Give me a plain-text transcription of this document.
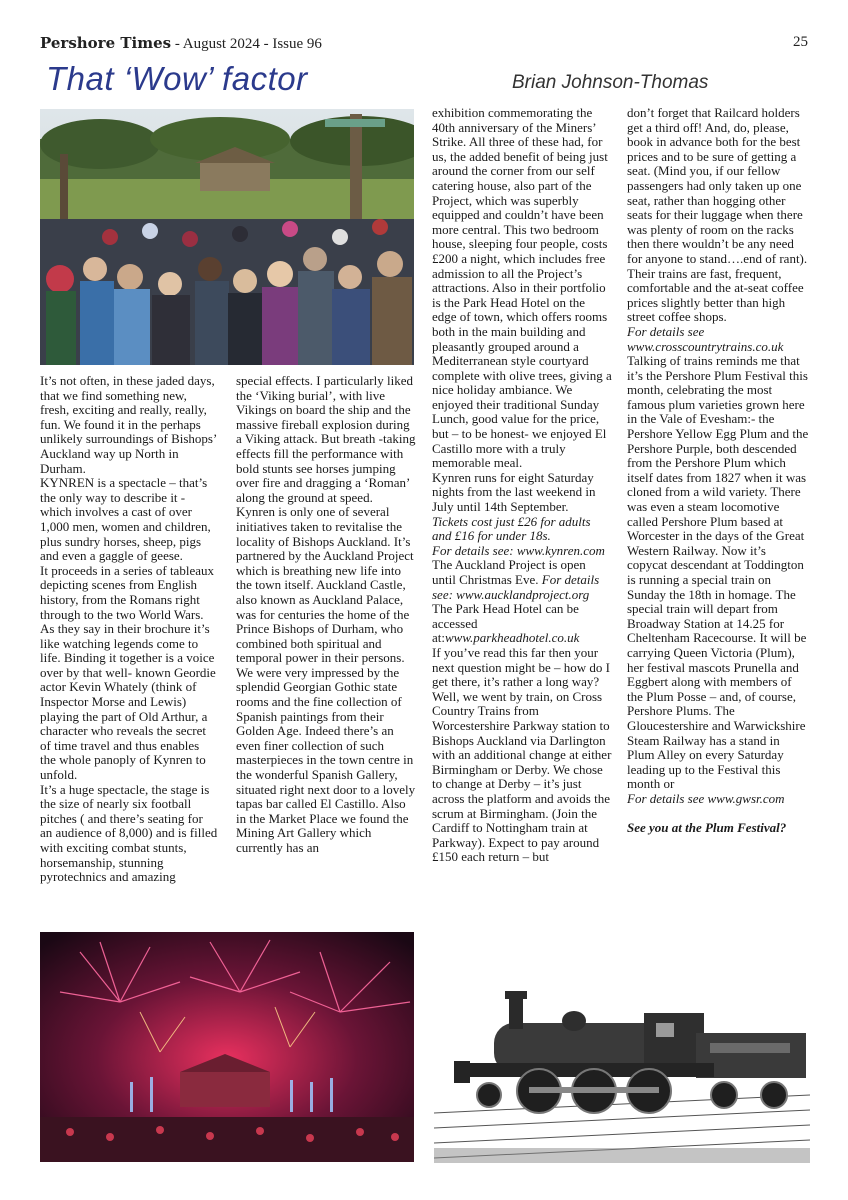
Pershore Times - August 2024 - Issue 96	25
That ‘Wow’ factor	Brian Johnson-Thomas

It’s not often, in these jaded days, that we find something new, fresh, exciting and really, really, fun. We found it in the perhaps unlikely surroundings of Bishops’ Auckland way up North in Durham.

KYNREN is a spectacle – that’s the only way to describe it - which involves a cast of over 1,000 men, women and children, plus sundry horses, sheep, pigs and even a gaggle of geese.

It proceeds in a series of tableaux depicting scenes from English history, from the Romans right through to the two World Wars. As they say in their brochure it’s like watching legends come to life. Binding it together is a voice over by that well- known Geordie actor Kevin Whately (think of Inspector Morse and Lewis) playing the part of Old Arthur, a character who reveals the secret of time travel and thus enables the whole panoply of Kynren to unfold.

It’s a huge spectacle, the stage is the size of nearly six football pitches ( and there’s seating for an audience of 8,000) and is filled with exciting combat stunts, horsemanship, stunning pyrotechnics and amazing

special effects. I particularly liked the ‘Viking burial’, with live Vikings on board the ship and the massive fireball explosion during a Viking attack. But breath -taking effects fill the performance with bold stunts see horses jumping over fire and dragging a ‘Roman’ along the ground at speed.

Kynren is only one of several initiatives taken to revitalise the locality of Bishops Auckland. It’s partnered by the Auckland Project which is breathing new life into the town itself. Auckland Castle, also known as Auckland Palace, was for centuries the home of the Prince Bishops of Durham, who combined both spiritual and temporal power in their persons. We were very impressed by the splendid Georgian Gothic state rooms and the fine collection of Spanish paintings from their Golden Age. Indeed there’s an even finer collection of such masterpieces in the town centre in the wonderful Spanish Gallery, situated right next door to a lovely tapas bar called El Castillo. Also in the Market Place we found the Mining Art Gallery which currently has an

exhibition commemorating the 40th anniversary of the Miners’ Strike. All three of these had, for us, the added benefit of being just around the corner from our self catering house, also part of the Project, which was superbly equipped and couldn’t have been more central. This two bedroom house, sleeping four people, costs £200 a night, which includes free admission to all the Project’s attractions. Also in their portfolio is the Park Head Hotel on the edge of town, which offers rooms both in the main building and pleasantly grouped around a Mediterranean style courtyard complete with olive trees, giving a nice holiday ambiance. We enjoyed their traditional Sunday Lunch, good value for the price, but – to be honest- we enjoyed El Castillo more with a truly memorable meal.

Kynren runs for eight Saturday nights from the last weekend in July until 14th September.

Tickets cost just £26 for adults and £16 for under 18s.

For details see: www.kynren.com

The Auckland Project is open until Christmas Eve. For details see: www.aucklandproject.org

The Park Head Hotel can be accessed at:www.parkheadhotel.co.uk

If you’ve read this far then your next question might be – how do I get there, it’s rather a long way? Well, we went by train, on Cross Country Trains from Worcestershire Parkway station to Bishops Auckland via Darlington with an additional change at either Birmingham or Derby. We chose to change at Derby – it’s just across the platform and avoids the scrum at Birmingham. (Join the Cardiff to Nottingham train at Parkway). Expect to pay around £150 each return – but

don’t forget that Railcard holders get a third off! And, do, please, book in advance both for the best prices and to be sure of getting a seat. (Mind you, if our fellow passengers had only taken up one seat, rather than hogging other seats for their luggage when there was plenty of room on the racks then there wouldn’t be any need for anyone to stand….end of rant). Their trains are fast, frequent, comfortable and the at-seat coffee prices slightly better than high street coffee shops.

For details see www.crosscountrytrains.co.uk

Talking of trains reminds me that it’s the Pershore Plum Festival this month, celebrating the most famous plum varieties grown here in the Vale of Evesham:- the Pershore Yellow Egg Plum and the Pershore Purple, both descended from the Pershore Plum which itself dates from 1827 when it was cloned from a wild variety. There was even a steam locomotive called Pershore Plum based at Worcester in the days of the Great Western Railway. Now it’s copycat descendant at Toddington is running a special train on Sunday the 18th in homage. The special train will depart from Broadway Station at 14.25 for Cheltenham Racecourse. It will be carrying Queen Victoria (Plum), her festival mascots Prunella and Eggbert along with members of the Plum Posse – and, of course, Pershore Plums. The Gloucestershire and Warwickshire Steam Railway has a stand in Plum Alley on every Saturday leading up to the Festival this month or

For details see www.gwsr.com

See you at the Plum Festival?
